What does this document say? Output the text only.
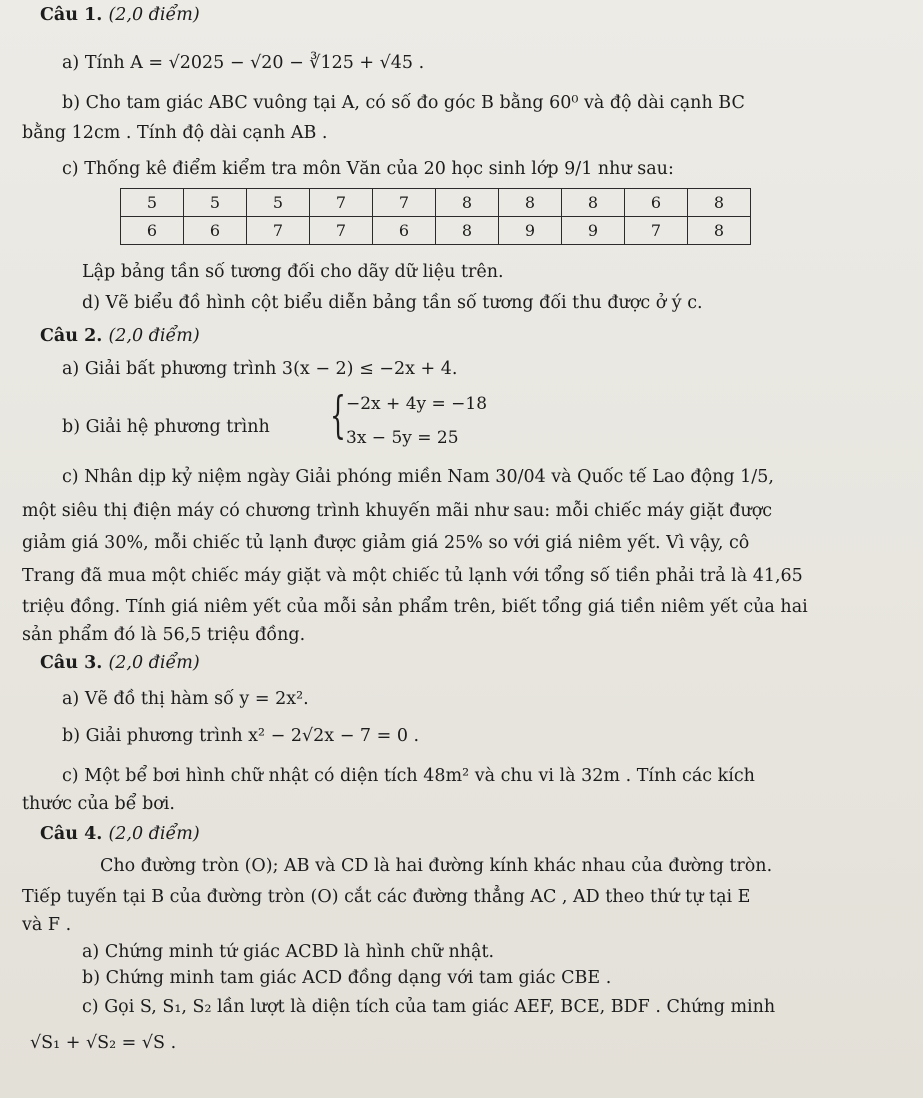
Câu 1. (2,0 điểm)
a) Tính A = √2025 − √20 − ∛125 + √45 .
b) Cho tam giác ABC vuông tại A, có số đo góc B bằng 60⁰ và độ dài cạnh BC
bằng 12cm . Tính độ dài cạnh AB .
c) Thống kê điểm kiểm tra môn Văn của 20 học sinh lớp 9/1 như sau:
5	5	5	7	7	8	8	8	6	8
6	6	7	7	6	8	9	9	7	8
Lập bảng tần số tương đối cho dãy dữ liệu trên.
d) Vẽ biểu đồ hình cột biểu diễn bảng tần số tương đối thu được ở ý c.
Câu 2. (2,0 điểm)
a) Giải bất phương trình 3(x − 2) ≤ −2x + 4.
b) Giải hệ phương trình { −2x + 4y = −18
3x − 5y = 25
c) Nhân dịp kỷ niệm ngày Giải phóng miền Nam 30/04 và Quốc tế Lao động 1/5,
một siêu thị điện máy có chương trình khuyến mãi như sau: mỗi chiếc máy giặt được
giảm giá 30%, mỗi chiếc tủ lạnh được giảm giá 25% so với giá niêm yết. Vì vậy, cô
Trang đã mua một chiếc máy giặt và một chiếc tủ lạnh với tổng số tiền phải trả là 41,65
triệu đồng. Tính giá niêm yết của mỗi sản phẩm trên, biết tổng giá tiền niêm yết của hai
sản phẩm đó là 56,5 triệu đồng.
Câu 3. (2,0 điểm)
a) Vẽ đồ thị hàm số y = 2x².
b) Giải phương trình x² − 2√2x − 7 = 0 .
c) Một bể bơi hình chữ nhật có diện tích 48m² và chu vi là 32m . Tính các kích
thước của bể bơi.
Câu 4. (2,0 điểm)
Cho đường tròn (O); AB và CD là hai đường kính khác nhau của đường tròn.
Tiếp tuyến tại B của đường tròn (O) cắt các đường thẳng AC , AD theo thứ tự tại E
và F .
a) Chứng minh tứ giác ACBD là hình chữ nhật.
b) Chứng minh tam giác ACD đồng dạng với tam giác CBE .
c) Gọi S, S₁, S₂ lần lượt là diện tích của tam giác AEF, BCE, BDF . Chứng minh
√S₁ + √S₂ = √S .
